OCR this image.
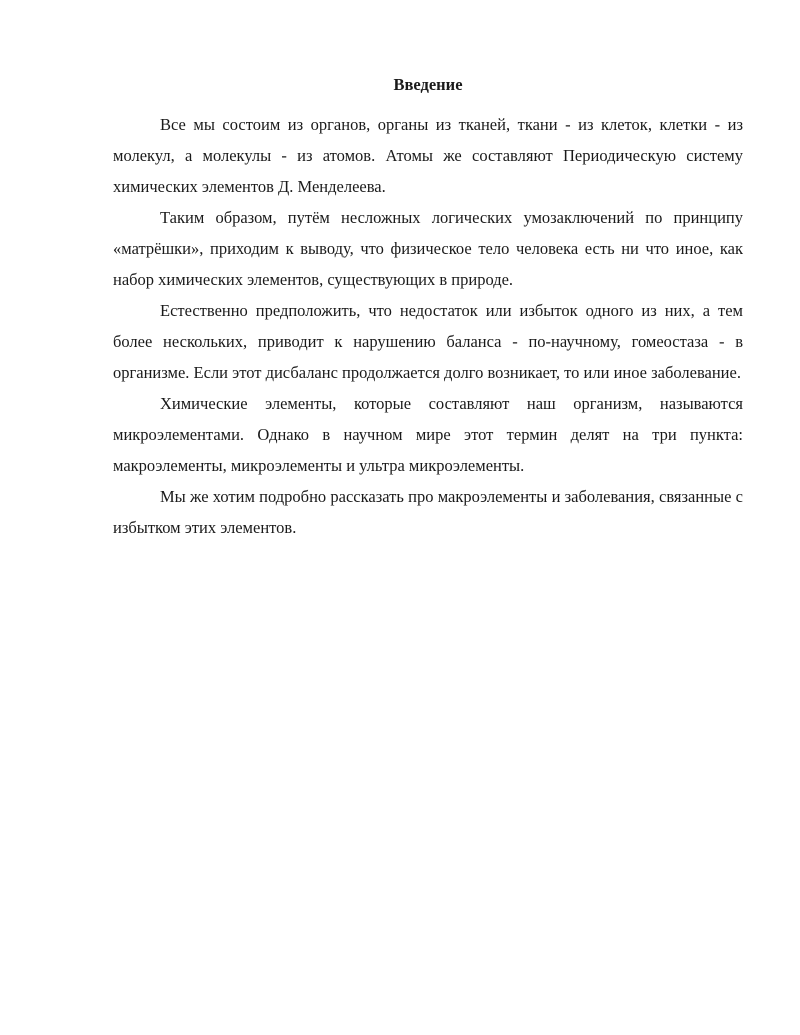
Введение

Все мы состоим из органов, органы из тканей, ткани - из клеток, клетки - из молекул, а молекулы - из атомов. Атомы же составляют Периодическую систему химических элементов Д. Менделеева.

Таким образом, путём несложных логических умозаключений по принципу «матрёшки», приходим к выводу, что физическое тело человека есть ни что иное, как набор химических элементов, существующих в природе.

Естественно предположить, что недостаток или избыток одного из них, а тем более нескольких, приводит к нарушению баланса - по-научному, гомеостаза - в организме. Если этот дисбаланс продолжается долго возникает, то или иное заболевание.

Химические элементы, которые составляют наш организм, называются микроэлементами. Однако в научном мире этот термин делят на три пункта: макроэлементы, микроэлементы и ультра микроэлементы.

Мы же хотим подробно рассказать про макроэлементы и заболевания, связанные с избытком этих элементов.
